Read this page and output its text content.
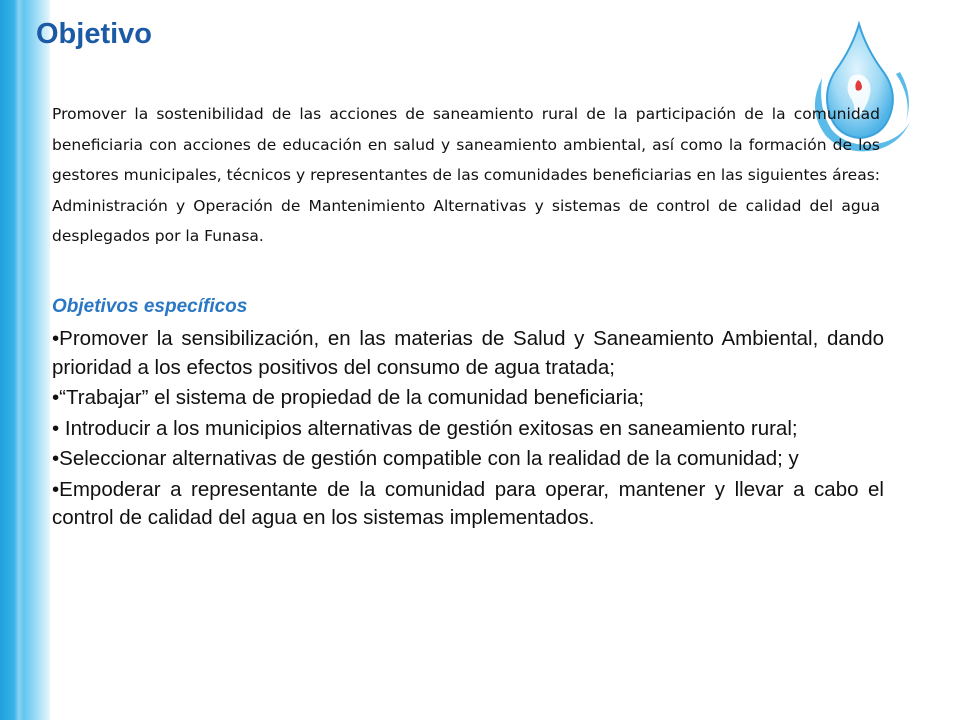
Objetivo

Promover la sostenibilidad de las acciones de saneamiento rural de la participación de la comunidad beneficiaria con acciones de educación en salud y saneamiento ambiental, así como la formación de los gestores municipales, técnicos y representantes de las comunidades beneficiarias en las siguientes áreas: Administración y Operación de Mantenimiento Alternativas y sistemas de control de calidad del agua desplegados por la Funasa.

Objetivos específicos
•Promover la sensibilización, en las materias de Salud y Saneamiento Ambiental, dando prioridad a los efectos positivos del consumo de agua tratada;
•“Trabajar” el sistema de propiedad de la comunidad beneficiaria;
• Introducir a los municipios alternativas de gestión exitosas en saneamiento rural;
•Seleccionar alternativas de gestión compatible con la realidad de la comunidad; y
•Empoderar a representante de la comunidad para operar, mantener y llevar a cabo el control de calidad del agua en los sistemas implementados.
